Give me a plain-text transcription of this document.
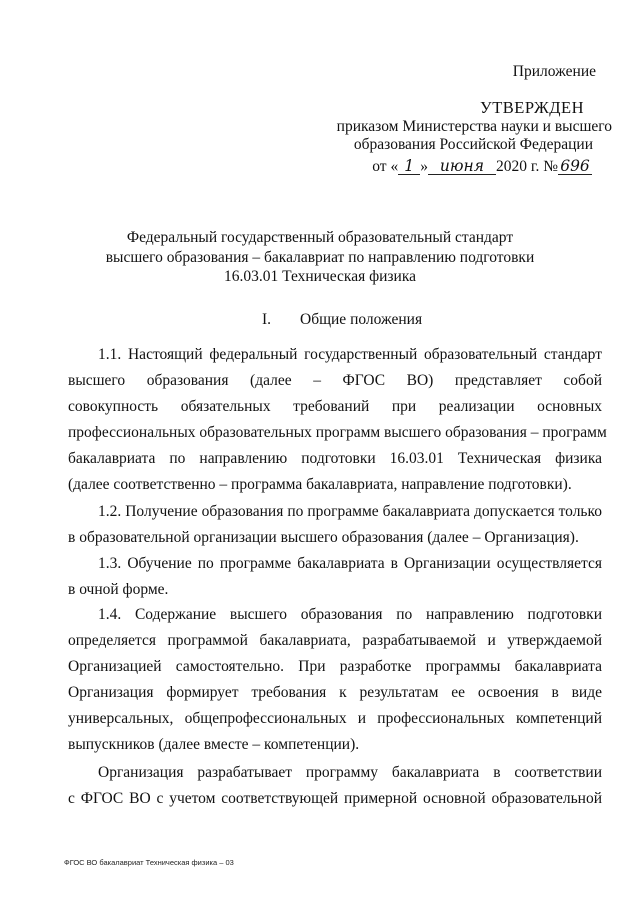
Приложение
УТВЕРЖДЕН
приказом Министерства науки и высшего
образования Российской Федерации
от « 1 » июня 2020 г. № 696
Федеральный государственный образовательный стандарт
высшего образования – бакалавриат по направлению подготовки
16.03.01 Техническая физика
I. Общие положения
1.1. Настоящий федеральный государственный образовательный стандарт
высшего образования (далее – ФГОС ВО) представляет собой
совокупность обязательных требований при реализации основных
профессиональных образовательных программ высшего образования – программ
бакалавриата по направлению подготовки 16.03.01 Техническая физика
(далее соответственно – программа бакалавриата, направление подготовки).
1.2. Получение образования по программе бакалавриата допускается только
в образовательной организации высшего образования (далее – Организация).
1.3. Обучение по программе бакалавриата в Организации осуществляется
в очной форме.
1.4. Содержание высшего образования по направлению подготовки
определяется программой бакалавриата, разрабатываемой и утверждаемой
Организацией самостоятельно. При разработке программы бакалавриата
Организация формирует требования к результатам ее освоения в виде
универсальных, общепрофессиональных и профессиональных компетенций
выпускников (далее вместе – компетенции).
Организация разрабатывает программу бакалавриата в соответствии
с ФГОС ВО с учетом соответствующей примерной основной образовательной
ФГОС ВО бакалавриат Техническая физика – 03
